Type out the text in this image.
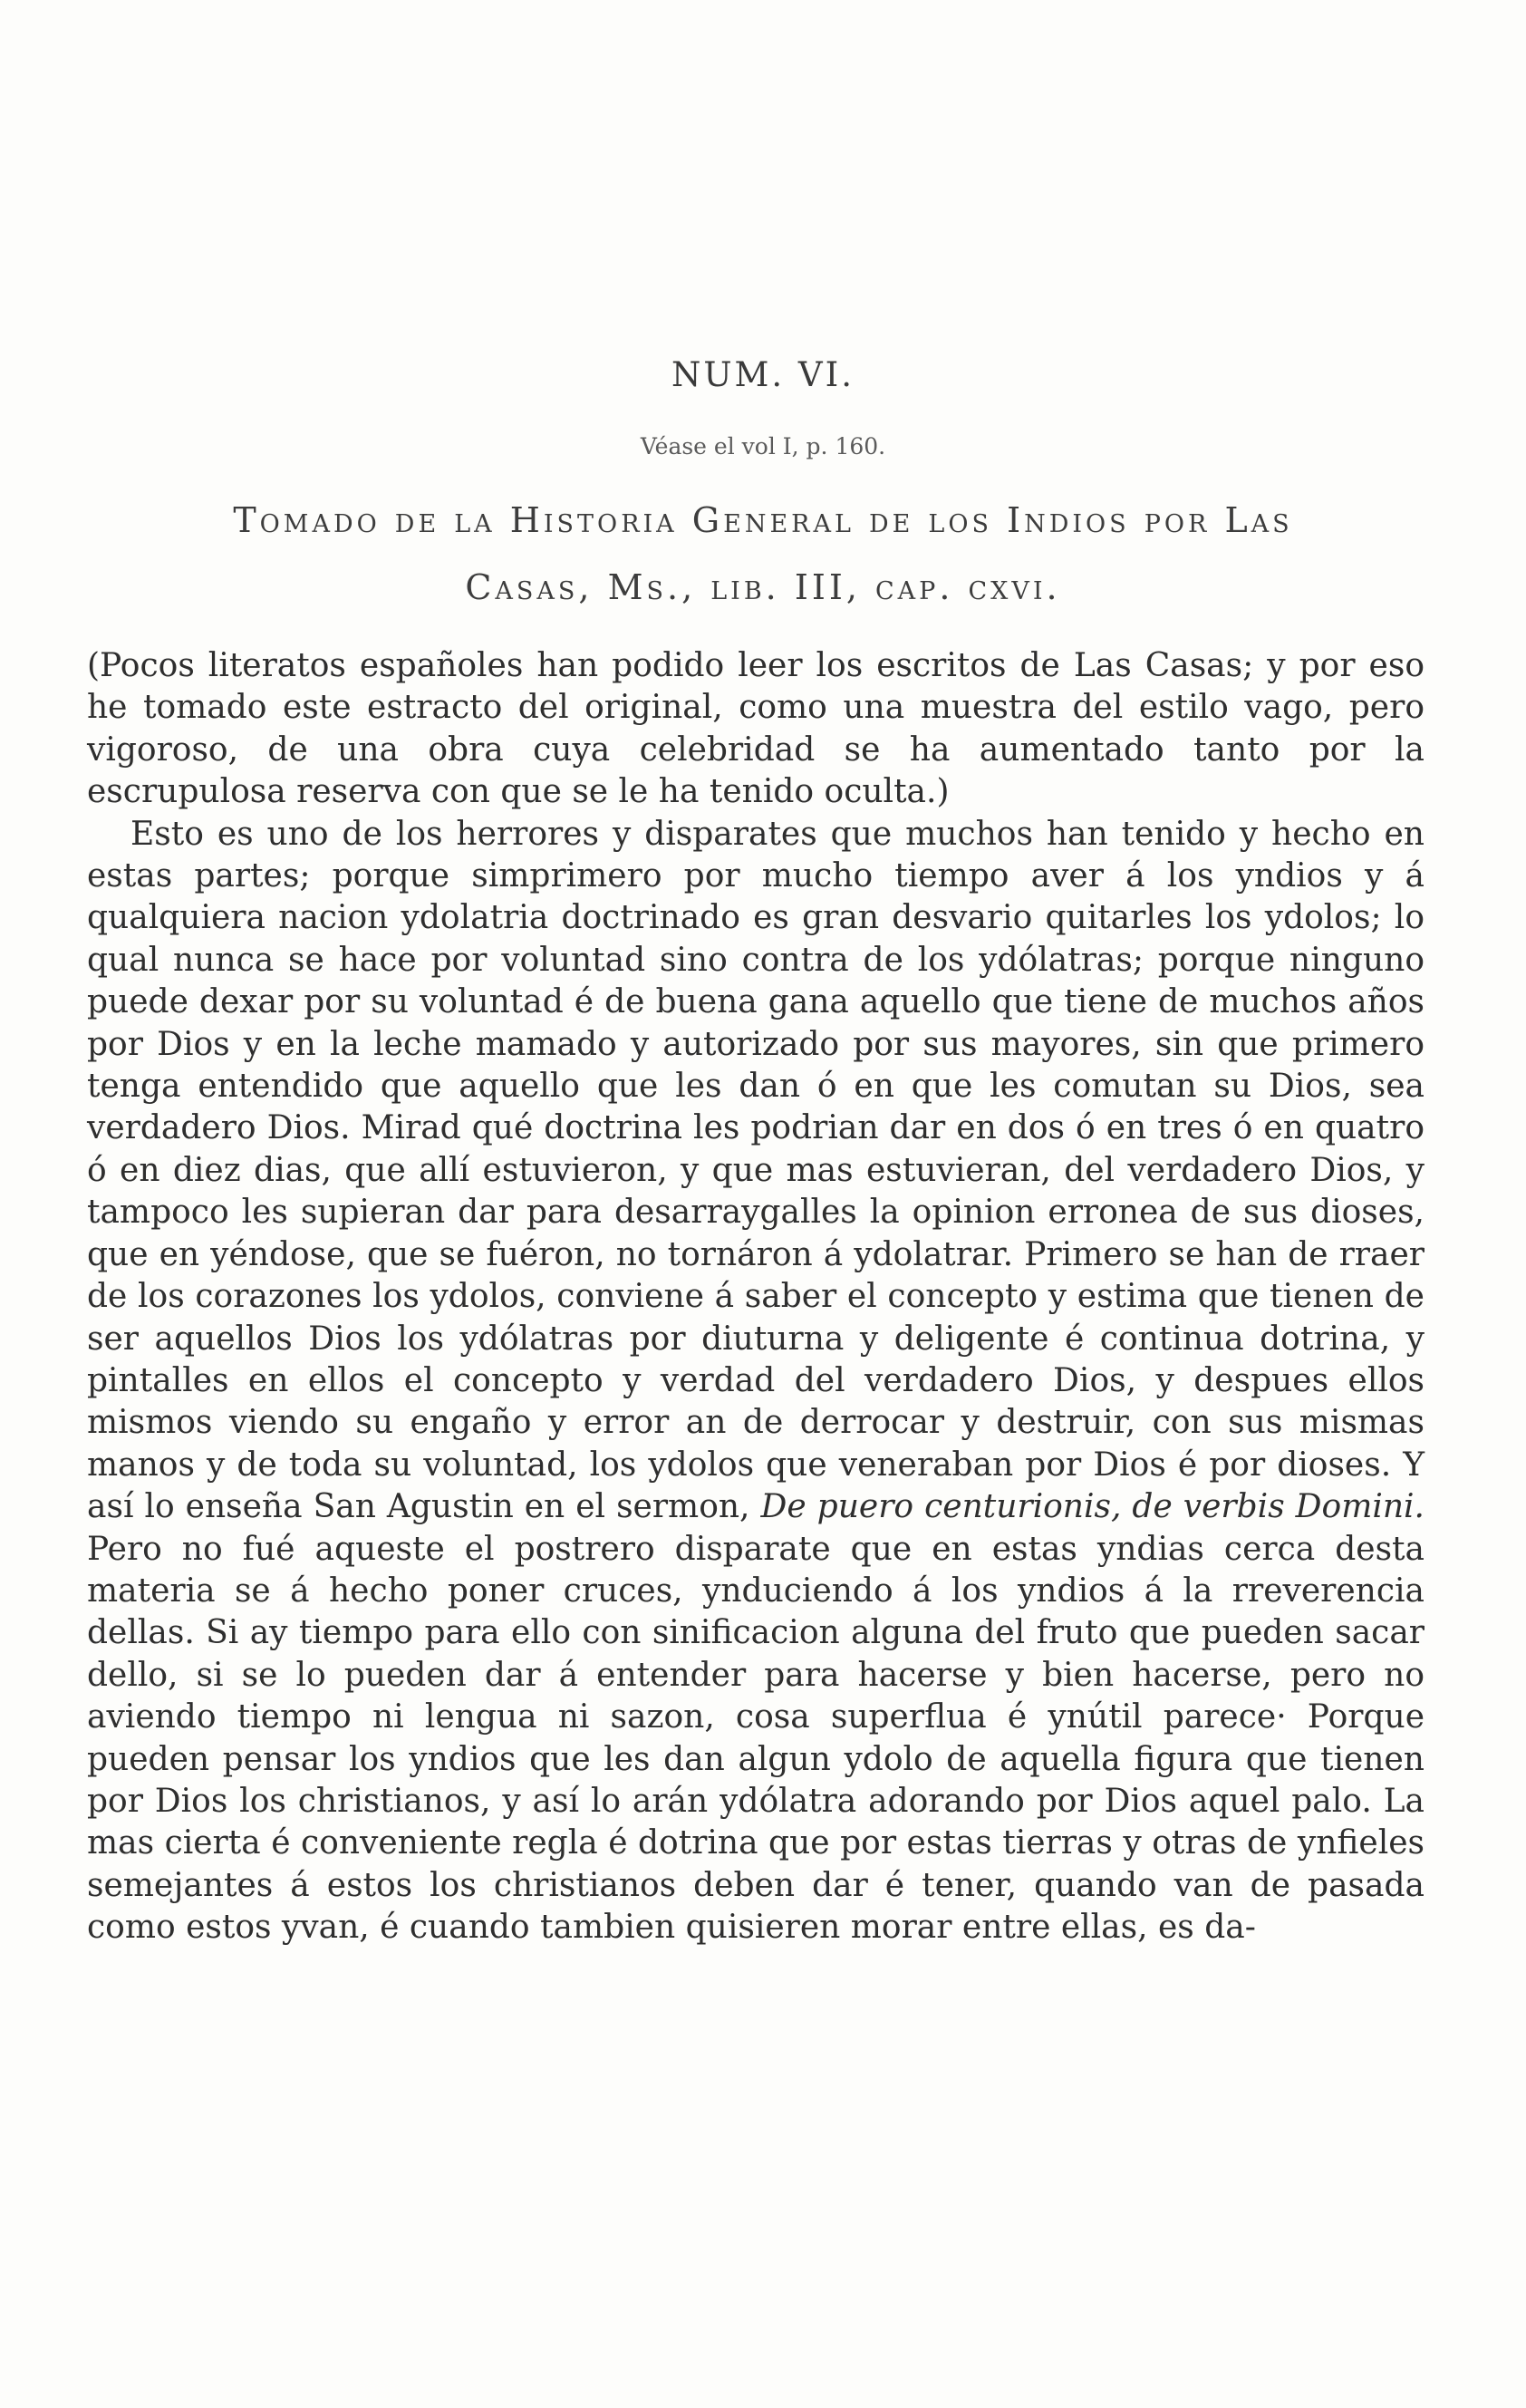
NUM. VI.
Véase el vol I, p. 160.
Tomado de la Historia General de los Indios por Las
Casas, Ms., lib. III, cap. cxvi.

(Pocos literatos españoles han podido leer los escritos de Las Casas; y por eso he tomado este estracto del original, como una muestra del estilo vago, pero vigoroso, de una obra cuya celebridad se ha aumentado tanto por la escrupulosa reserva con que se le ha tenido oculta.)

Esto es uno de los herrores y disparates que muchos han tenido y hecho en estas partes; porque simprimero por mucho tiempo aver á los yndios y á qualquiera nacion ydolatria doctrinado es gran desvario quitarles los ydolos; lo qual nunca se hace por voluntad sino contra de los ydólatras; porque ninguno puede dexar por su voluntad é de buena gana aquello que tiene de muchos años por Dios y en la leche mamado y autorizado por sus mayores, sin que primero tenga entendido que aquello que les dan ó en que les comutan su Dios, sea verdadero Dios. Mirad qué doctrina les podrian dar en dos ó en tres ó en quatro ó en diez dias, que allí estuvieron, y que mas estuvieran, del verdadero Dios, y tampoco les supieran dar para desarraygalles la opinion erronea de sus dioses, que en yéndose, que se fuéron, no tornáron á ydolatrar. Primero se han de rraer de los corazones los ydolos, conviene á saber el concepto y estima que tienen de ser aquellos Dios los ydólatras por diuturna y deligente é continua dotrina, y pintalles en ellos el concepto y verdad del verdadero Dios, y despues ellos mismos viendo su engaño y error an de derrocar y destruir, con sus mismas manos y de toda su voluntad, los ydolos que veneraban por Dios é por dioses. Y así lo enseña San Agustin en el sermon, De puero centurionis, de verbis Domini. Pero no fué aqueste el postrero disparate que en estas yndias cerca desta materia se á hecho poner cruces, ynduciendo á los yndios á la rreverencia dellas. Si ay tiempo para ello con sinificacion alguna del fruto que pueden sacar dello, si se lo pueden dar á entender para hacerse y bien hacerse, pero no aviendo tiempo ni lengua ni sazon, cosa superflua é ynútil parece· Porque pueden pensar los yndios que les dan algun ydolo de aquella figura que tienen por Dios los christianos, y así lo arán ydólatra adorando por Dios aquel palo. La mas cierta é conveniente regla é dotrina que por estas tierras y otras de ynfieles semejantes á estos los christianos deben dar é tener, quando van de pasada como estos yvan, é cuando tambien quisieren morar entre ellas, es da-
